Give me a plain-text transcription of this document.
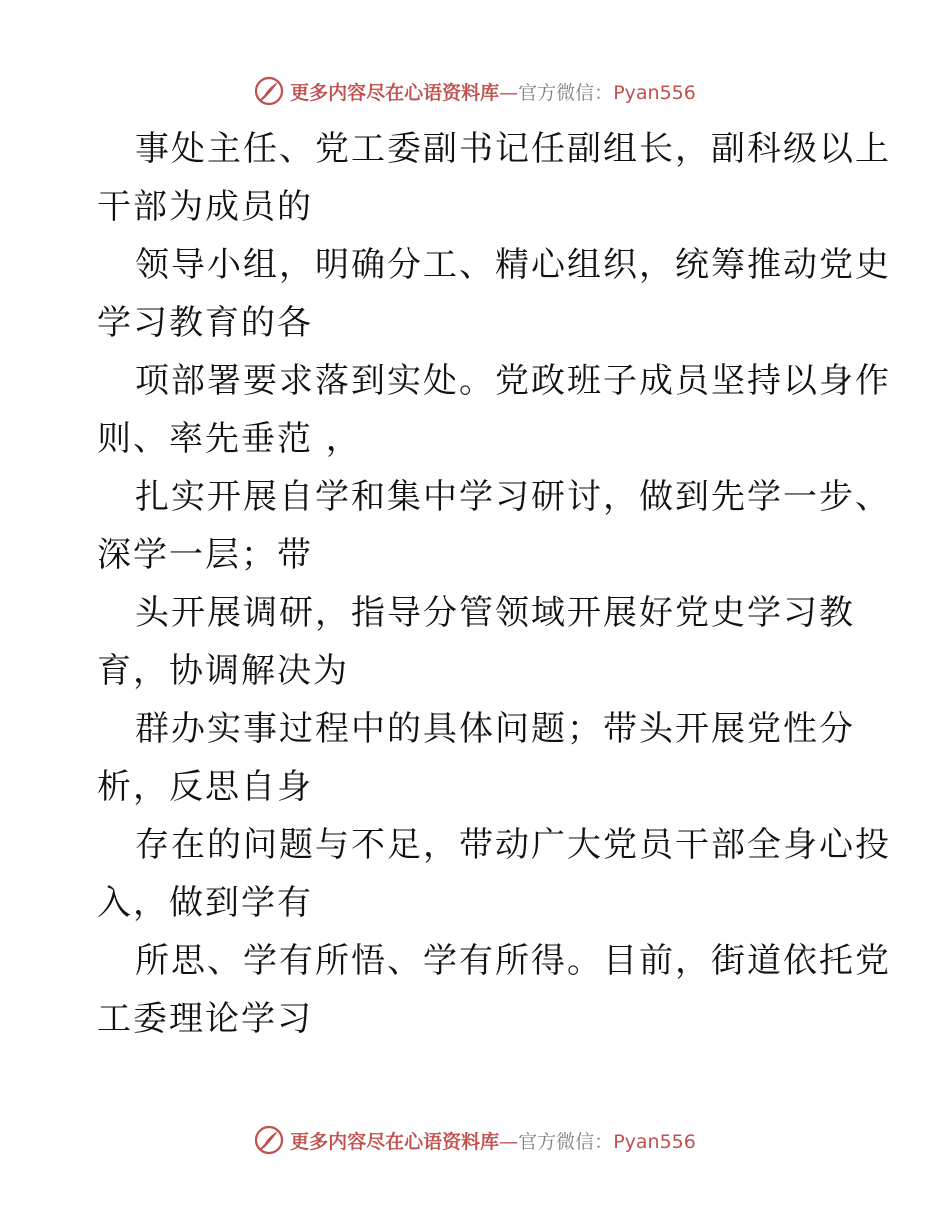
更多内容尽在心语资料库—官方微信：Pyan556
事处主任、党工委副书记任副组长，副科级以上
干部为成员的
领导小组，明确分工、精心组织，统筹推动党史
学习教育的各
项部署要求落到实处。党政班子成员坚持以身作
则、率先垂范 ，
扎实开展自学和集中学习研讨，做到先学一步、
深学一层；带
头开展调研，指导分管领域开展好党史学习教
育，协调解决为
群办实事过程中的具体问题；带头开展党性分
析，反思自身
存在的问题与不足，带动广大党员干部全身心投
入，做到学有
所思、学有所悟、学有所得。目前，街道依托党
工委理论学习
更多内容尽在心语资料库—官方微信：Pyan556
